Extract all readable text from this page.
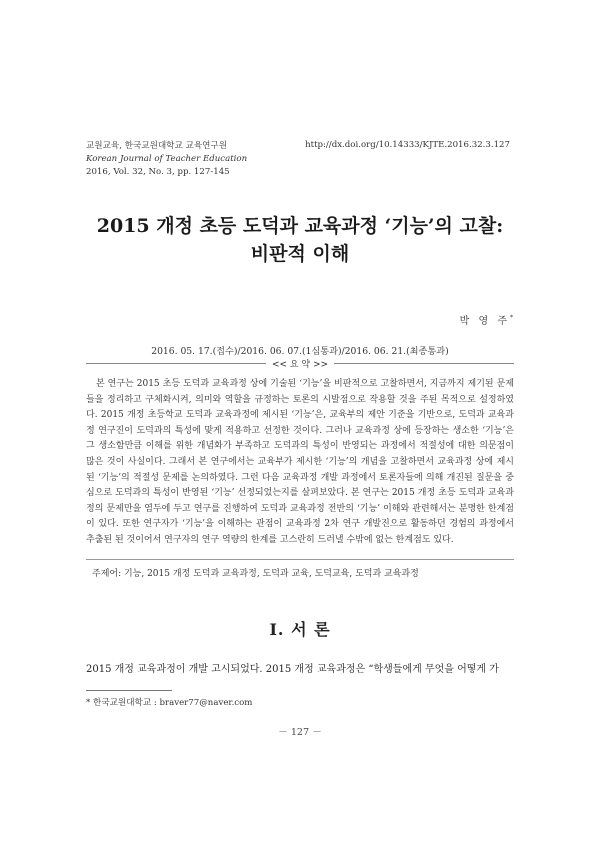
교원교육, 한국교원대학교 교육연구원
Korean Journal of Teacher Education
2016, Vol. 32, No. 3, pp. 127-145
http://dx.doi.org/10.14333/KJTE.2016.32.3.127
2015 개정 초등 도덕과 교육과정 ‘기능’의 고찰:
비판적 이해
박 영 주*
2016. 05. 17.(접수)/2016. 06. 07.(1심통과)/2016. 06. 21.(최종통과)
<< 요 약 >>

본 연구는 2015 초등 도덕과 교육과정 상에 기술된 ‘기능’을 비판적으로 고찰하면서, 지금까지 제기된 문제들을 정리하고 구체화시켜, 의미와 역할을 규정하는 토론의 시발점으로 작용할 것을 주된 목적으로 설정하였다. 2015 개정 초등학교 도덕과 교육과정에 제시된 ‘기능’은, 교육부의 제안 기준을 기반으로, 도덕과 교육과정 연구진이 도덕과의 특성에 맞게 적용하고 선정한 것이다. 그러나 교육과정 상에 등장하는 생소한 ‘기능’은 그 생소함만큼 이해를 위한 개념화가 부족하고 도덕과의 특성이 반영되는 과정에서 적절성에 대한 의문점이 많은 것이 사실이다. 그래서 본 연구에서는 교육부가 제시한 ‘기능’의 개념을 고찰하면서 교육과정 상에 제시된 ‘기능’의 적절성 문제를 논의하였다. 그런 다음 교육과정 개발 과정에서 토론자들에 의해 개진된 질문을 중심으로 도덕과의 특성이 반영된 ‘기능’ 선정되었는지를 살펴보았다. 본 연구는 2015 개정 초등 도덕과 교육과정의 문제만을 염두에 두고 연구를 진행하여 도덕과 교육과정 전반의 ‘기능’ 이해와 관련해서는 분명한 한계점이 있다. 또한 연구자가 ‘기능’을 이해하는 관점이 교육과정 2차 연구 개발진으로 활동하던 경험의 과정에서 추출된 된 것이어서 연구자의 연구 역량의 한계를 고스란히 드러낼 수밖에 없는 한계점도 있다.

주제어: 기능, 2015 개정 도덕과 교육과정, 도덕과 교육, 도덕교육, 도덕과 교육과정
Ⅰ. 서 론
2015 개정 교육과정이 개발 고시되었다. 2015 개정 교육과정은 “학생들에게 무엇을 어떻게 가
* 한국교원대학교 : braver77@naver.com
－ 127 －
